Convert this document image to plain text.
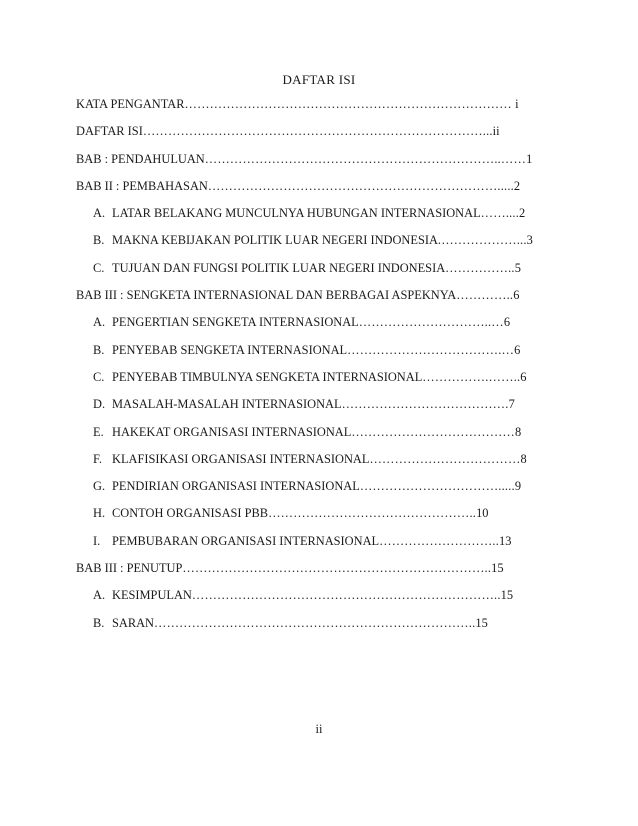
DAFTAR ISI
KATA PENGANTAR…………………………………………………………………… i
DAFTAR ISI………………………………………………………………………...ii
BAB : PENDAHULUAN……………………………………………………………..……1
BAB II : PEMBAHASAN…………………………………………………………….....2
A. LATAR BELAKANG MUNCULNYA HUBUNGAN INTERNASIONAL……....2
B. MAKNA KEBIJAKAN POLITIK LUAR NEGERI INDONESIA.………………...3
C. TUJUAN DAN FUNGSI POLITIK LUAR NEGERI INDONESIA……………..5
BAB III : SENGKETA INTERNASIONAL DAN BERBAGAI ASPEKNYA…………..6
A. PENGERTIAN SENGKETA INTERNASIONAL…………………………..…6
B. PENYEBAB SENGKETA INTERNASIONAL……………………………….…6
C. PENYEBAB TIMBULNYA SENGKETA INTERNASIONAL…………….……..6
D. MASALAH-MASALAH INTERNASIONAL………………………………….7
E. HAKEKAT ORGANISASI INTERNASIONAL…………………………………8
F. KLAFISIKASI ORGANISASI INTERNASIONAL………………………………8
G. PENDIRIAN ORGANISASI INTERNASIONAL…………………………….....9
H. CONTOH ORGANISASI PBB…………………………………………..10
I. PEMBUBARAN ORGANISASI INTERNASIONAL………………………..13
BAB III : PENUTUP………………………………………………………………..15
A. KESIMPULAN………………………………………………………………..15
B. SARAN…………………………………………………………………..15
ii
